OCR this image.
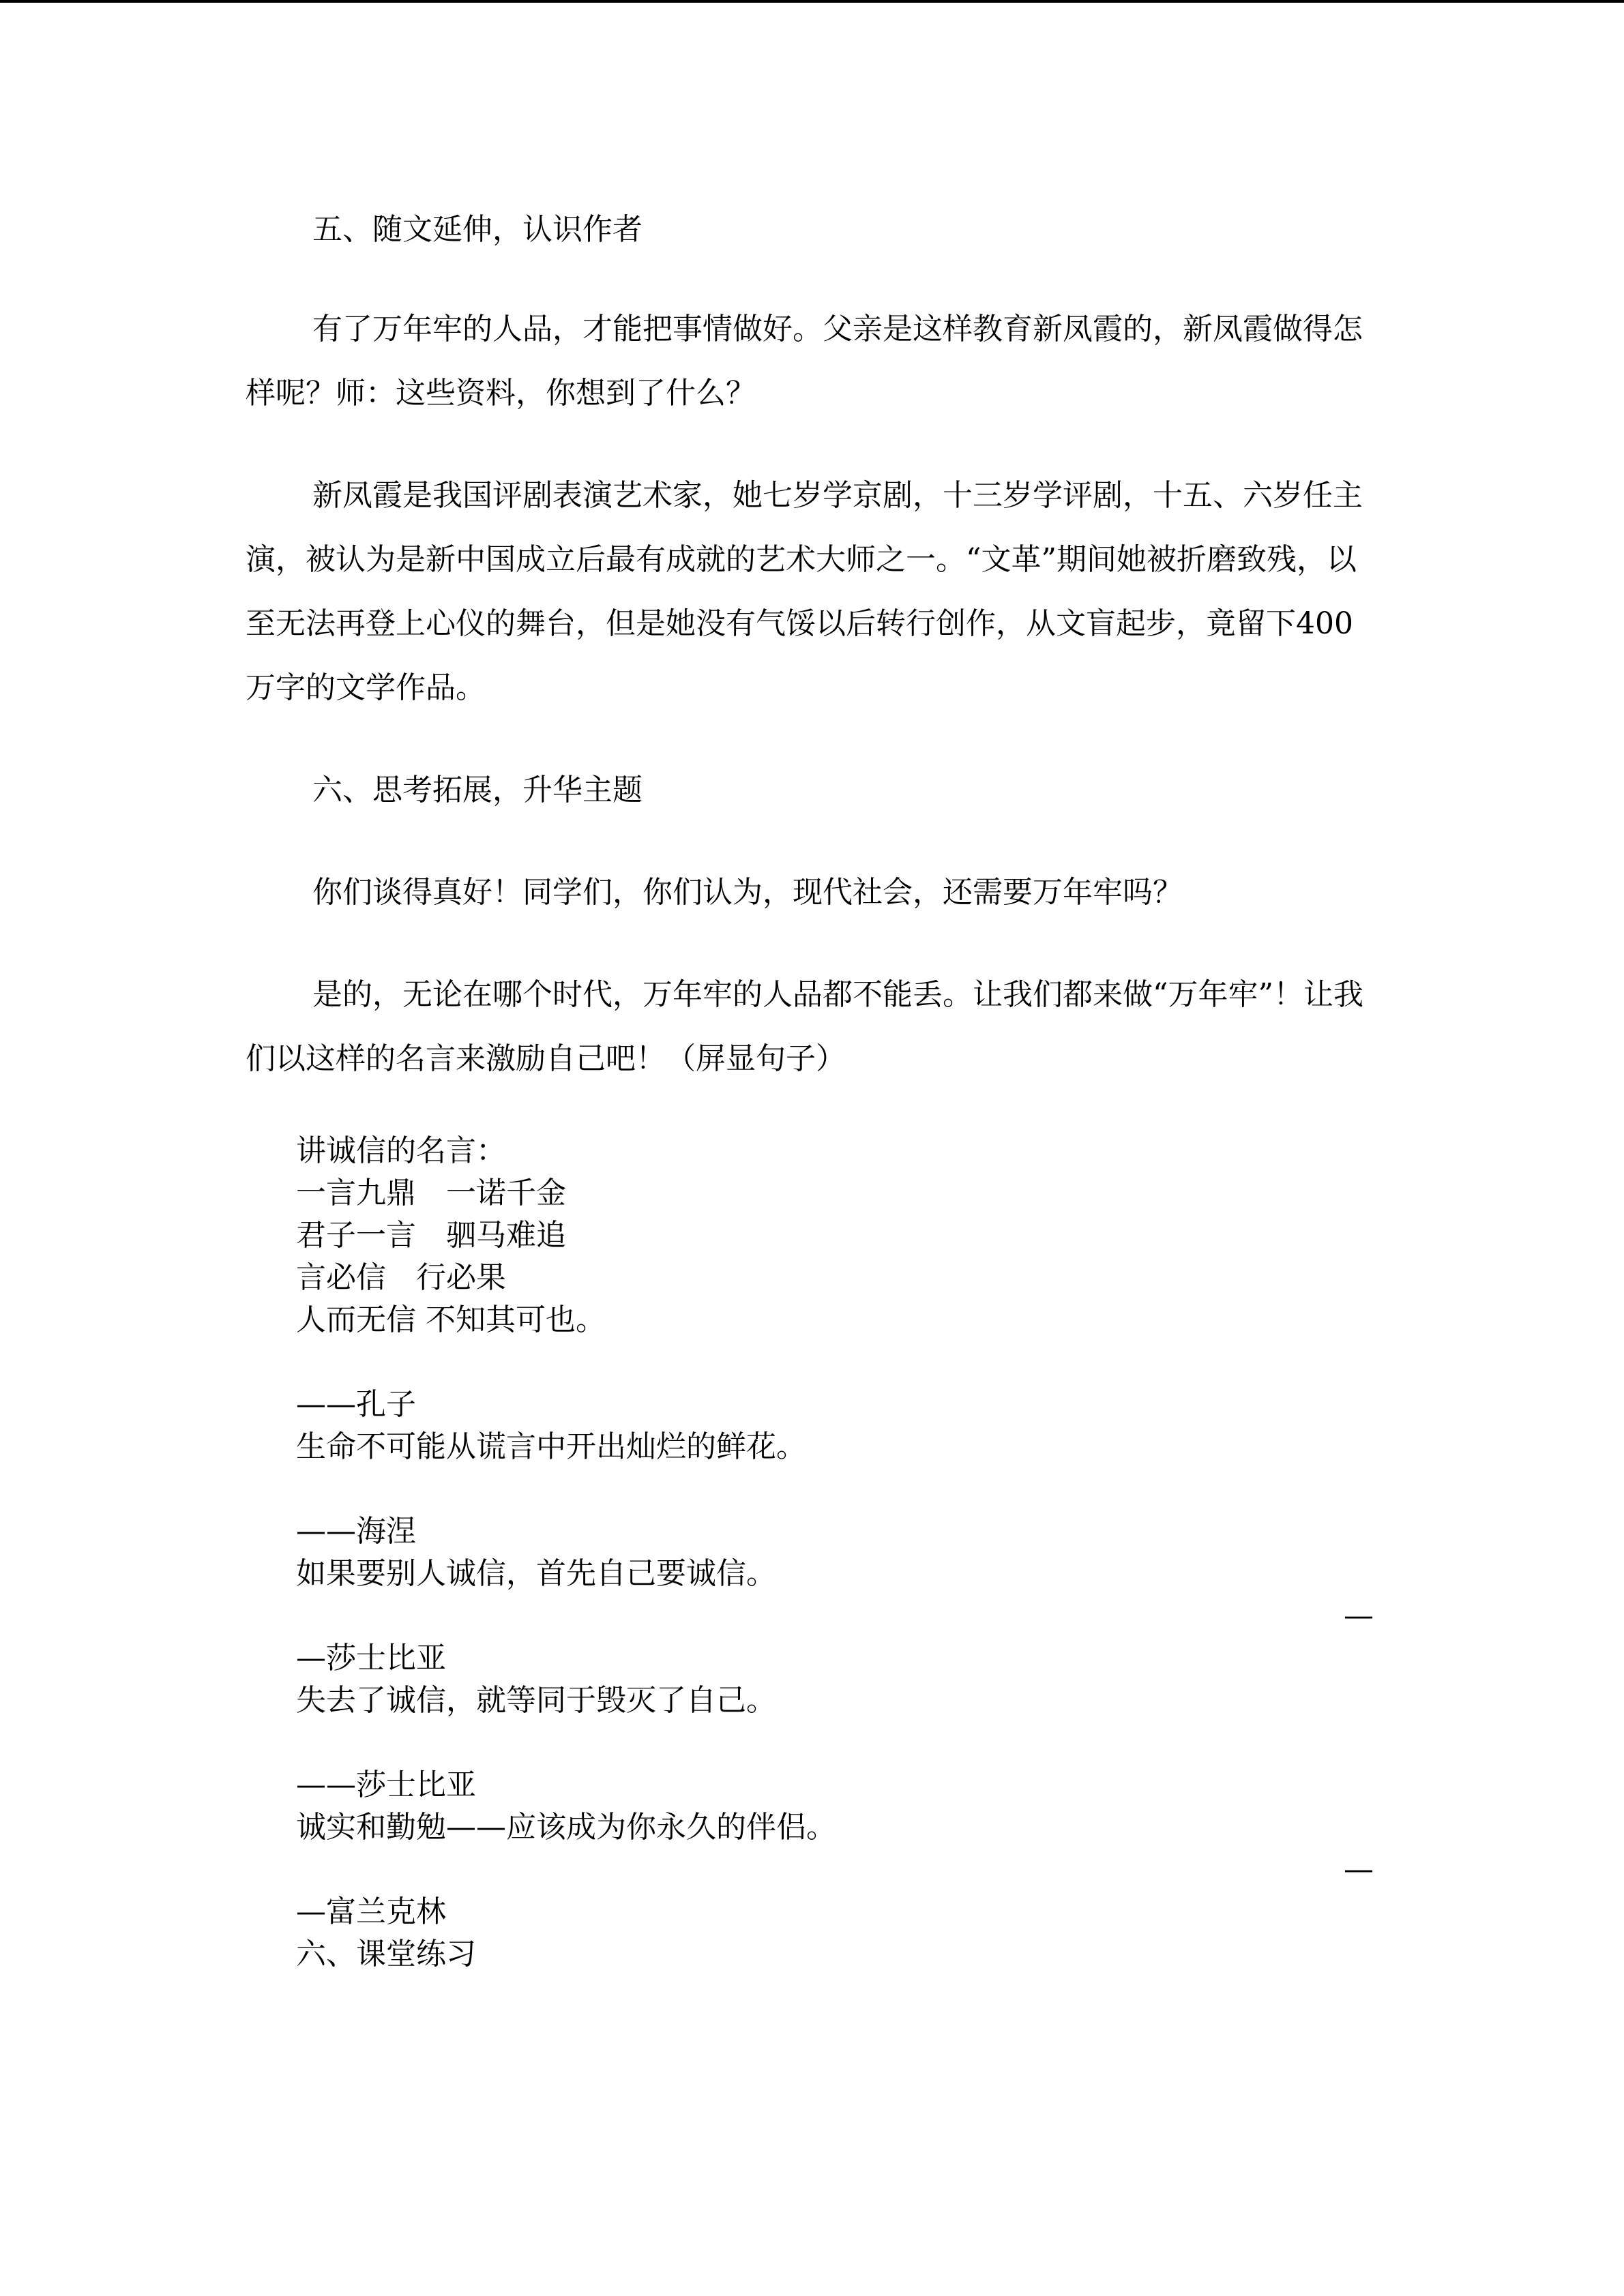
五、随文延伸，认识作者

有了万年牢的人品，才能把事情做好。父亲是这样教育新凤霞的，新凤霞做得怎样呢？师：这些资料，你想到了什么？

新凤霞是我国评剧表演艺术家，她七岁学京剧，十三岁学评剧，十五、六岁任主演，被认为是新中国成立后最有成就的艺术大师之一。“文革”期间她被折磨致残，以至无法再登上心仪的舞台，但是她没有气馁以后转行创作，从文盲起步，竟留下400万字的文学作品。

六、思考拓展，升华主题

你们谈得真好！同学们，你们认为，现代社会，还需要万年牢吗？

是的，无论在哪个时代，万年牢的人品都不能丢。让我们都来做“万年牢”！让我们以这样的名言来激励自己吧！（屏显句子）

讲诚信的名言：

一言九鼎　一诺千金

君子一言　驷马难追

言必信　行必果

人而无信 不知其可也。

——孔子

生命不可能从谎言中开出灿烂的鲜花。

——海涅

如果要别人诚信，首先自己要诚信。

—

—莎士比亚

失去了诚信，就等同于毁灭了自己。

——莎士比亚

诚实和勤勉——应该成为你永久的伴侣。

—

—富兰克林

六、课堂练习
